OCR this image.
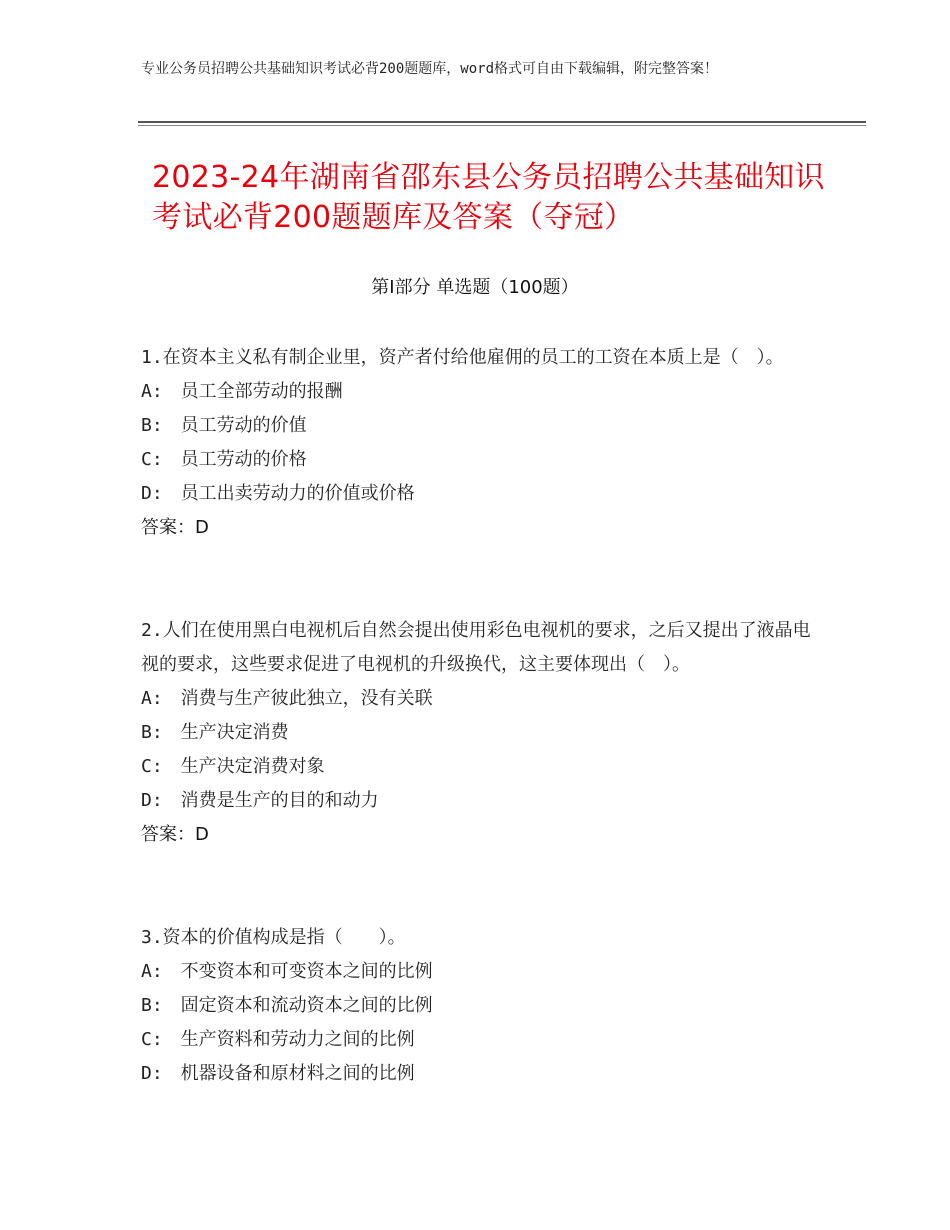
专业公务员招聘公共基础知识考试必背200题题库，word格式可自由下载编辑，附完整答案！
2023-24年湖南省邵东县公务员招聘公共基础知识考试必背200题题库及答案（夺冠）
第Ⅰ部分 单选题（100题）
1.在资本主义私有制企业里，资产者付给他雇佣的员工的工资在本质上是（　）。
A:　员工全部劳动的报酬
B:　员工劳动的价值
C:　员工劳动的价格
D:　员工出卖劳动力的价值或价格
答案：D
2.人们在使用黑白电视机后自然会提出使用彩色电视机的要求，之后又提出了液晶电视的要求，这些要求促进了电视机的升级换代，这主要体现出（　）。
A:　消费与生产彼此独立，没有关联
B:　生产决定消费
C:　生产决定消费对象
D:　消费是生产的目的和动力
答案：D
3.资本的价值构成是指（　　）。
A:　不变资本和可变资本之间的比例
B:　固定资本和流动资本之间的比例
C:　生产资料和劳动力之间的比例
D:　机器设备和原材料之间的比例
